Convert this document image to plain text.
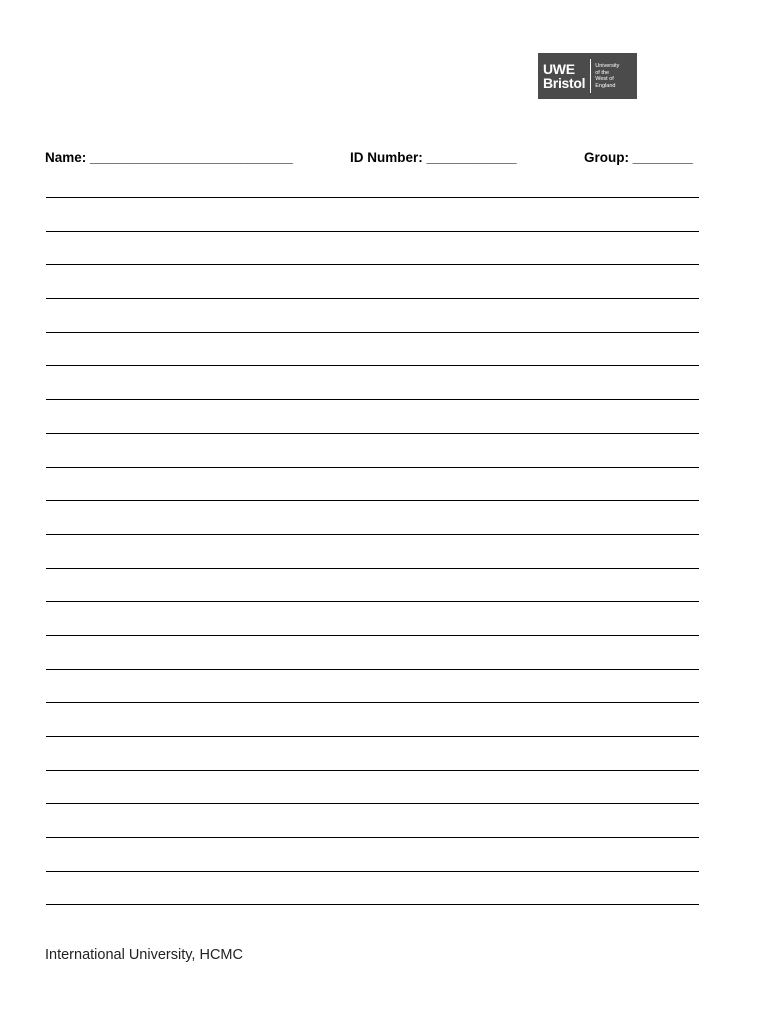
UWE
Bristol
University
of the
West of
England

Name: ___________________________

	ID Number: ____________

	Group: ________

International University, HCMC
